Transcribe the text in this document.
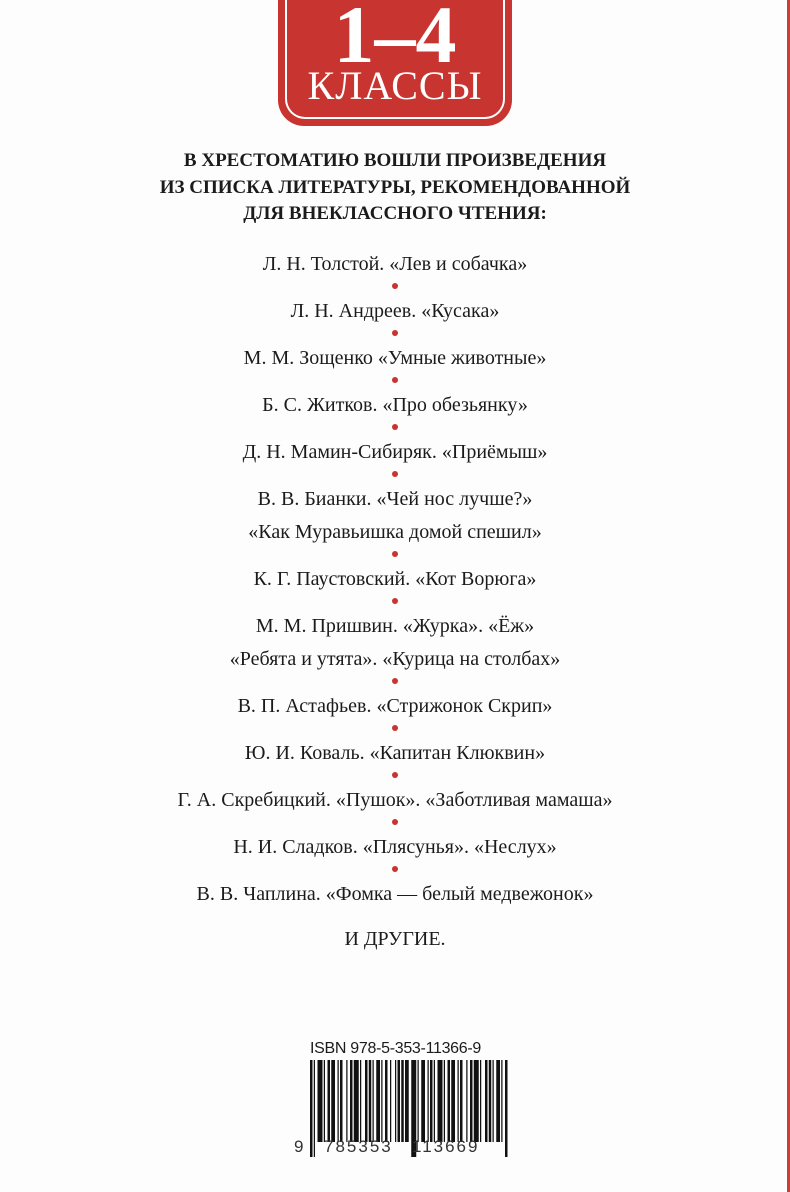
1–4
КЛАССЫ
В ХРЕСТОМАТИЮ ВОШЛИ ПРОИЗВЕДЕНИЯ
ИЗ СПИСКА ЛИТЕРАТУРЫ, РЕКОМЕНДОВАННОЙ
ДЛЯ ВНЕКЛАССНОГО ЧТЕНИЯ:
Л. Н. Толстой. «Лев и собачка»
Л. Н. Андреев. «Кусака»
М. М. Зощенко «Умные животные»
Б. С. Житков. «Про обезьянку»
Д. Н. Мамин-Сибиряк. «Приёмыш»
В. В. Бианки. «Чей нос лучше?»
«Как Муравьишка домой спешил»
К. Г. Паустовский. «Кот Ворюга»
М. М. Пришвин. «Журка». «Ёж»
«Ребята и утята». «Курица на столбах»
В. П. Астафьев. «Стрижонок Скрип»
Ю. И. Коваль. «Капитан Клюквин»
Г. А. Скребицкий. «Пушок». «Заботливая мамаша»
Н. И. Сладков. «Плясунья». «Неслух»
В. В. Чаплина. «Фомка — белый медвежонок»
И ДРУГИЕ.
ISBN 978-5-353-11366-9
9 785353 113669
